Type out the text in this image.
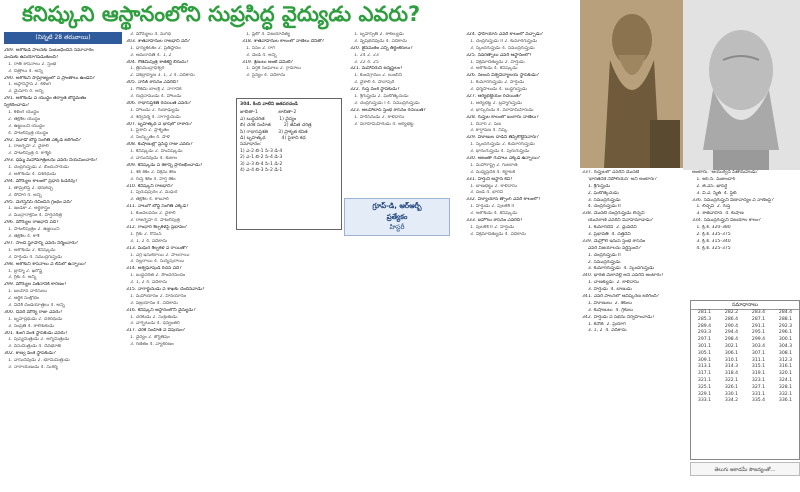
కనిష్కుని ఆస్థానంలోని సుప్రసిద్ధ వైద్యుడు ఎవరు?
(నిన్నటి 28 తరువాయి)

289. అశోకుడి పాలనకు సంబంధించిన సమాచారం

ఎందుకు ఉపయోగపడుతుంది?

1. రాతి శాసనాలు 2. స్తంభ

3. చిత్రాలు 4. అన్నీ

290. అశోకుని సామ్రాజ్యంలో ఏ ప్రాంతాలు ఉండేవి?

1. అఫ్గానిస్థాన్ 2. కళింగ

3. మైసూర్ 4. అన్నీ

291. అశోకుడు ఏ యుద్ధం తర్వాత బౌద్ధమతం

స్వీకరించాడు?

1. కళింగ యుద్ధం

2. తక్షశిల యుద్ధం

3. ఉజ్జయిని యుద్ధం

4. పాటలీపుత్ర యుద్ధం

292. మూడో బౌద్ధ సంగీతి ఎక్కడ జరిగింది?

1. రాజగృహ 2. వైశాలి

3. పాటలీపుత్ర 4. కాశ్మీర్

293. ధమ్మ మహామాత్రులను ఎవరు నియమించారు?

1. చంద్రగుప్తుడు 2. బిందుసారుడు

3. అశోకుడు 4. దశరథుడు

294. మౌర్యుల కాలంలో ప్రధాన ఓడరేవు?

1. తామ్రలిప్తి 2. భరుకచ్ఛ

3. సోపార 4. అన్నీ

295. మెగస్తనీస్ రచించిన గ్రంథం ఏది?

1. ఇండికా 2. అర్థశాస్త్రం

3. ముద్రారాక్షసం 4. హర్షచరిత్ర

296. మౌర్యుల రాజధాని ఏది?

1. పాటలీపుత్రం 2. ఉజ్జయిని

3. తక్షశిల 4. కాశీ

297. సాంచి స్థూపాన్ని ఎవరు నిర్మించారు?

1. అశోకుడు 2. కనిష్కుడు

3. హర్షుడు 4. సముద్రగుప్తుడు

298. అశోకుని శాసనాలు ఏ లిపిలో ఉన్నాయి?

1. బ్రాహ్మి 2. ఖరోష్టి

3. గ్రీకు 4. అన్నీ

299. మౌర్యుల పతనానికి కారణం?

1. బలహీన వారసులు

2. ఆర్థిక సంక్షోభం

3. విదేశీ దండయాత్రలు 4. అన్నీ

300. చివరి మౌర్య రాజు ఎవరు?

1. బృహద్రథుడు 2. దశరథుడు

3. సంప్రతి 4. శాలిశుకుడు

301. శుంగ వంశ స్థాపకుడు ఎవరు?

1. పుష్యమిత్రుడు 2. అగ్నిమిత్రుడు

3. వసుమిత్రుడు 4. దేవభూతి

302. కాణ్వ వంశ స్థాపకుడు?

1. వాసుదేవుడు 2. భూమిమిత్రుడు

3. నారాయణుడు 4. సుశర్మ

3. మౌర్యులు 4. మగధ

303. శాతవాహనుల రాజధాని ఏది?

1. ధాన్యకటకం 2. ప్రతిష్ఠానం

3. అమరావతి 4. 1, 2

304. గౌతమీపుత్ర శాతకర్ణి బిరుదు?

1. త్రిసముద్రాధీశ్వర

2. ఏకబ్రాహ్మణ 3. 1, 2 4. ఏదీకాదు

305. నాసిక్ శాసనం ఎవరిది?

1. గౌతమీ బాలశ్రీ 2. నాగానిక

3. రుద్రదాముడు 4. హాలుడు

306. గాథాసప్తశతి రచయిత ఎవరు?

1. హాలుడు 2. గుణాఢ్యుడు

3. శర్వవర్మ 4. నాగార్జునుడు

307. బృహత్కథ ఏ భాషలో రాశారు?

1. పైశాచి 2. ప్రాకృతం

3. సంస్కృతం 4. పాళీ

308. కుషాణుల్లో ప్రసిద్ధ రాజు ఎవరు?

1. కనిష్కుడు 2. హువిష్కుడు

3. వాసుదేవుడు 4. కుజుల

309. కనిష్కుడు ఏ శకాన్ని ప్రారంభించాడు?

1. శక శకం 2. విక్రమ శకం

3. గుప్త శకం 4. హర్ష శకం

310. కనిష్కుని రాజధాని?

1. పురుషపురం 2. మధుర

3. తక్షశిల 4. కాబూల్

311. నాలుగో బౌద్ధ సంగీతి ఎక్కడ?

1. కుందలవనం 2. వైశాలి

3. రాజగృహ 4. పాటలీపుత్ర

312. గాంధార శిల్పకళపై ప్రభావం?

1. గ్రీకు 2. రోమన్

3. 1, 2 4. ఏదీకాదు

313. మధుర శిల్పకళ ఏ రాయితో?

1. ఎర్ర ఇసుకరాయి 2. పాలరాయి

3. నల్లరాయి 4. సున్నపురాయి

314. అశ్వఘోషుడి రచన ఏది?

1. బుద్ధచరిత 2. సౌందరనందం

3. 1, 2 4. ఏదీకాదు

315. నాగార్జునుడు ఏ శాఖకు చెందినవాడు?

1. మహాయానం 2. హీనయానం

3. వజ్రయానం 4. ఏదీకాదు

316. కనిష్కుని ఆస్థానంలోని వైద్యుడు?

1. చరకుడు 2. సుశ్రుతుడు

3. వాగ్భటుడు 4. ధన్వంతరి

317. చరక సంహిత ఏ విషయం?

1. వైద్యం 2. జ్యోతిషం

3. గణితం 4. వ్యాకరణం

1. ప్లేటో 4. విజయాదిత్య

318. శాతవాహనుల కాలంలో నాణేలు దేనితో?

1. సీసం 2. రాగి

3. వెండి 4. అన్నీ

319. శ్రేణులు అంటే ఏమిటి?

1. వర్తక సంఘాలు 2. గ్రామాలు

3. సైన్యం 4. ఏదీకాదు

1. బృహస్పతి 2. శాకల్యుడు

3. వృషభదేవుడు 4. ఏదీకాదు

320. జైనమతం ఎన్ని తీర్థంకరులు?

1. 24 2. 23

3. 22 4. 25

321. మహావీరుని జన్మస్థలం?

1. కుందగ్రామం 2. లుంబిని

3. వైశాలి 4. పావాపురి

322. గుప్త వంశ స్థాపకుడు?

1. శ్రీగుప్తుడు 2. ఘటోత్కచుడు

3. చంద్రగుప్తుడు I 4. సముద్రగుప్తుడు

323. అలహాబాద్ స్తంభ శాసనం రచయిత?

1. హరిసేనుడు 2. కాళిదాసు

3. వరాహమిహిరుడు 4. ఆర్యభట్ట

324. ఫాహియాన్ ఎవరి కాలంలో వచ్చాడు?

1. చంద్రగుప్తుడు II 2. కుమారగుప్తుడు

3. స్కందగుప్తుడు 4. సముద్రగుప్తుడు

325. నవరత్నాలు ఎవరి ఆస్థానంలో?

1. విక్రమాదిత్యుడు 2. హర్షుడు

3. అశోకుడు 4. కనిష్కుడు

326. నలంద విశ్వవిద్యాలయ స్థాపకుడు?

1. కుమారగుప్తుడు 2. హర్షుడు

3. ధర్మపాలుడు 4. బుద్ధగుప్తుడు

327. ఆర్యభట్టీయం రచయిత?

1. ఆర్యభట్ట 2. బ్రహ్మగుప్తుడు

3. భాస్కరుడు 4. వరాహమిహిరుడు

328. గుప్తుల కాలంలో బంగారు నాణేలు?

1. దీనార్ 2. పణ

3. కార్షాపణ 4. నిష్క

329. హూణుల దాడిని తిప్పికొట్టినవారు?

1. స్కందగుప్తుడు 2. కుమారగుప్తుడు

3. భానుగుప్తుడు 4. పురుగుప్తుడు

330. అజంతా గుహలు ఎక్కడ ఉన్నాయి?

1. మహారాష్ట్ర 2. గుజరాత్

3. మధ్యప్రదేశ్ 4. కర్ణాటక

331. హర్షుని ఆస్థాన కవి?

1. బాణభట్టు 2. కాళిదాసు

3. దండి 4. భారవి

332. హ్యూయాన్ త్సాంగ్ ఎవరి కాలంలో?

1. హర్షుడు 2. పులకేశి II

3. అశోకుడు 4. కనిష్కుడు

333. ఐహోలు శాసనం ఎవరిది?

1. పులకేశి II 2. హర్షుడు

3. విక్రమాదిత్యుడు 4. ఏదీకాదు

304. కింది వాటిని జతపరచండి
జాబితా-1              జాబితా-2
ఎ) బుద్ధచరిత          1) వైద్యం
బి) చరక సంహిత         2) జీవిత చరిత్ర
సి) గాథాసప్తశతి       3) ప్రాకృత కవిత
డి) బృహత్కథ           4) పైశాచి కథ
సమాధానం:
1) ఎ-2 బి-1 సి-3 డి-4
2) ఎ-1 బి-2 సి-4 డి-3
3) ఎ-3 బి-4 సి-1 డి-2
4) ఎ-4 బి-3 సి-2 డి-1
గ్రూప్-డి, ఆర్ఆర్బీ
ప్రత్యేకం
హిస్టరీ

337. గుప్తులలో ఎవరిని మొదటి

'భారతదేశ నెపోలియన్' అని అంటారు?

1. శ్రీగుప్తుడు

2. ఘటోత్కచుడు

3. సముద్రగుప్తుడు

4. చంద్రగుప్తుడు II

338. మొదటి చంద్రగుప్తుడు లిచ్ఛవి

యువరాణి ఎవరిని వివాహమాడాడు?

1. కుమారదేవి  2. ధ్రువదేవి

3. ప్రభావతి  4. దత్తదేవి

339. మెహ్రౌలి ఇనుప స్తంభ శాసనం

ఎవరి విజయాలను వర్ణిస్తుంది?

1. చంద్రగుప్తుడు II

2. సముద్రగుప్తుడు

3. కుమారగుప్తుడు  4. స్కందగుప్తుడు

340. భారత మెకావెల్లి అని ఎవరిని అంటారు?

1. చాణక్యుడు  2. కాళిదాసు

3. హర్షుడు  4. బాణుడు

341. ఎవరి పాలనలో ఆవిష్కరణ జరిగింది?

1. హూణులు  2. శకులు

3. కుషాణులు  4. గ్రీకులు

342. హర్షుడు ఏ సభను నిర్వహించాడు?

1. కనౌజ్  2. ప్రయాగ

3. 1, 2  4. ఏదీకాదు

అంటారు. 'ఆయుర్వేద పితామహుడు'

1. ఆర్.సి. మజుందార్

2. జి.ఎస్. ఖాపర్డే

3. వి.ఎ. స్మిత్  4. ఫ్లీట్

336. సముద్రగుప్తుని వీణావాద్యం ఏ నాణెంపై?

1. లిచ్ఛవి  2. గుప్త

3. శాతవాహన  4. కుషాణ

334. సముద్రగుప్తుని విజయాల కాలం?

1. క్రీ.శ. 320-380

2. క్రీ.శ. 335-375

3. క్రీ.శ. 315-340

4. క్రీ.శ. 325-375

సమాధానాలు
281.1	282.2	283.4	284.4
285.3	286.4	287.1	288.1
289.4	290.4	291.1	292.3
293.3	294.4	295.1	296.1
297.1	298.4	299.4	300.1
301.1	302.1	303.4	304.3
305.1	306.1	307.1	308.1
309.1	310.1	311.1	312.3
313.1	314.3	315.1	316.1
317.1	318.4	319.1	320.1
321.1	322.1	323.1	324.1
325.1	326.1	327.1	328.1
329.1	330.1	331.1	332.1
333.1	334.2	335.4	336.1
తెలుగు అకాడమీ సౌజన్యంతో...
